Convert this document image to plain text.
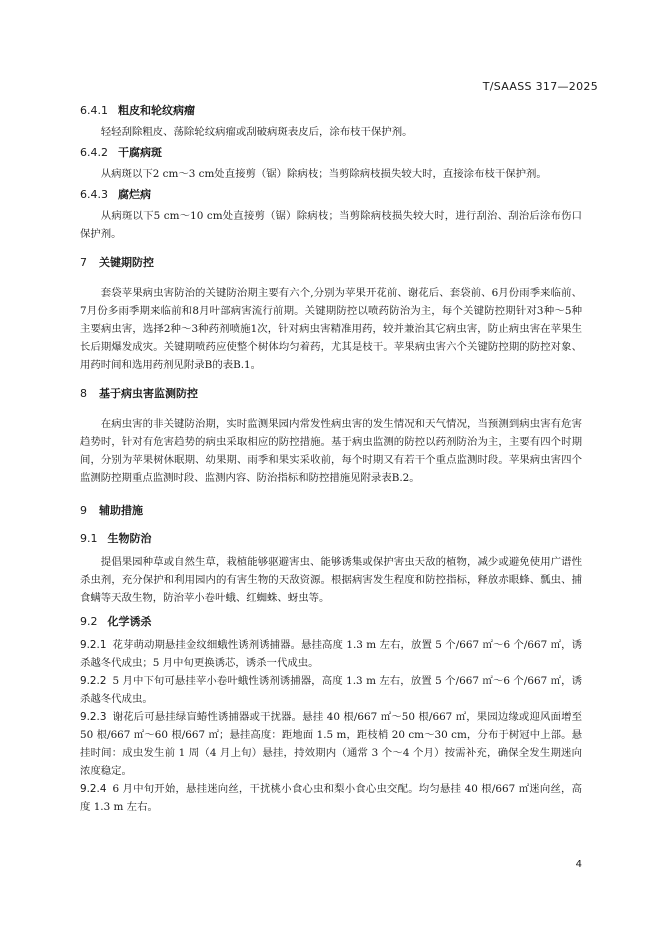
T/SAASS 317—2025
6.4.1 粗皮和轮纹病瘤

轻轻刮除粗皮、荡除轮纹病瘤或刮破病斑表皮后，涂布枝干保护剂。

6.4.2 干腐病斑

从病斑以下2 cm～3 cm处直接剪（锯）除病枝；当剪除病枝损失较大时，直接涂布枝干保护剂。

6.4.3 腐烂病

从病斑以下5 cm～10 cm处直接剪（锯）除病枝；当剪除病枝损失较大时，进行刮治、刮治后涂布伤口保护剂。

7 关键期防控

套袋苹果病虫害防治的关键防治期主要有六个,分别为苹果开花前、谢花后、套袋前、6月份雨季来临前、7月份多雨季期来临前和8月叶部病害流行前期。关键期防控以喷药防治为主，每个关键防控期针对3种～5种主要病虫害，选择2种～3种药剂喷施1次，针对病虫害精准用药，较并兼治其它病虫害，防止病虫害在苹果生长后期爆发成灾。关键期喷药应使整个树体均匀着药，尤其是枝干。苹果病虫害六个关键防控期的防控对象、用药时间和选用药剂见附录B的表B.1。

8 基于病虫害监测防控

在病虫害的非关键防治期，实时监测果园内常发性病虫害的发生情况和天气情况，当预测到病虫害有危害趋势时，针对有危害趋势的病虫采取相应的防控措施。基于病虫监测的防控以药剂防治为主，主要有四个时期间，分别为苹果树休眠期、幼果期、雨季和果实采收前，每个时期又有若干个重点监测时段。苹果病虫害四个监测防控期重点监测时段、监测内容、防治指标和防控措施见附录表B.2。

9 辅助措施
9.1 生物防治

提倡果园种草或自然生草，栽植能够驱避害虫、能够诱集或保护害虫天敌的植物，减少或避免使用广谱性杀虫剂，充分保护和利用园内的有害生物的天敌资源。根据病害发生程度和防控指标，释放赤眼蜂、瓢虫、捕食螨等天敌生物，防治苹小卷叶蛾、红蜘蛛、蚜虫等。

9.2 化学诱杀

9.2.1 花芽萌动期悬挂金纹细蛾性诱剂诱捕器。悬挂高度 1.3 m 左右，放置 5 个/667 ㎡～6 个/667 ㎡，诱杀越冬代成虫；5 月中旬更换诱芯，诱杀一代成虫。

9.2.2 5 月中下旬可悬挂苹小卷叶蛾性诱剂诱捕器，高度 1.3 m 左右，放置 5 个/667 ㎡～6 个/667 ㎡，诱杀越冬代成虫。

9.2.3 谢花后可悬挂绿盲蝽性诱捕器或干扰器。悬挂 40 根/667 ㎡～50 根/667 ㎡，果园边缘或迎风面增至 50 根/667 ㎡～60 根/667 ㎡；悬挂高度：距地面 1.5 m，距枝梢 20 cm～30 cm，分布于树冠中上部。悬挂时间：成虫发生前 1 周（4 月上旬）悬挂，持效期内（通常 3 个～4 个月）按需补充，确保全发生期迷向浓度稳定。

9.2.4 6 月中旬开始，悬挂迷向丝，干扰桃小食心虫和梨小食心虫交配。均匀悬挂 40 根/667 ㎡迷向丝，高度 1.3 m 左右。

4
